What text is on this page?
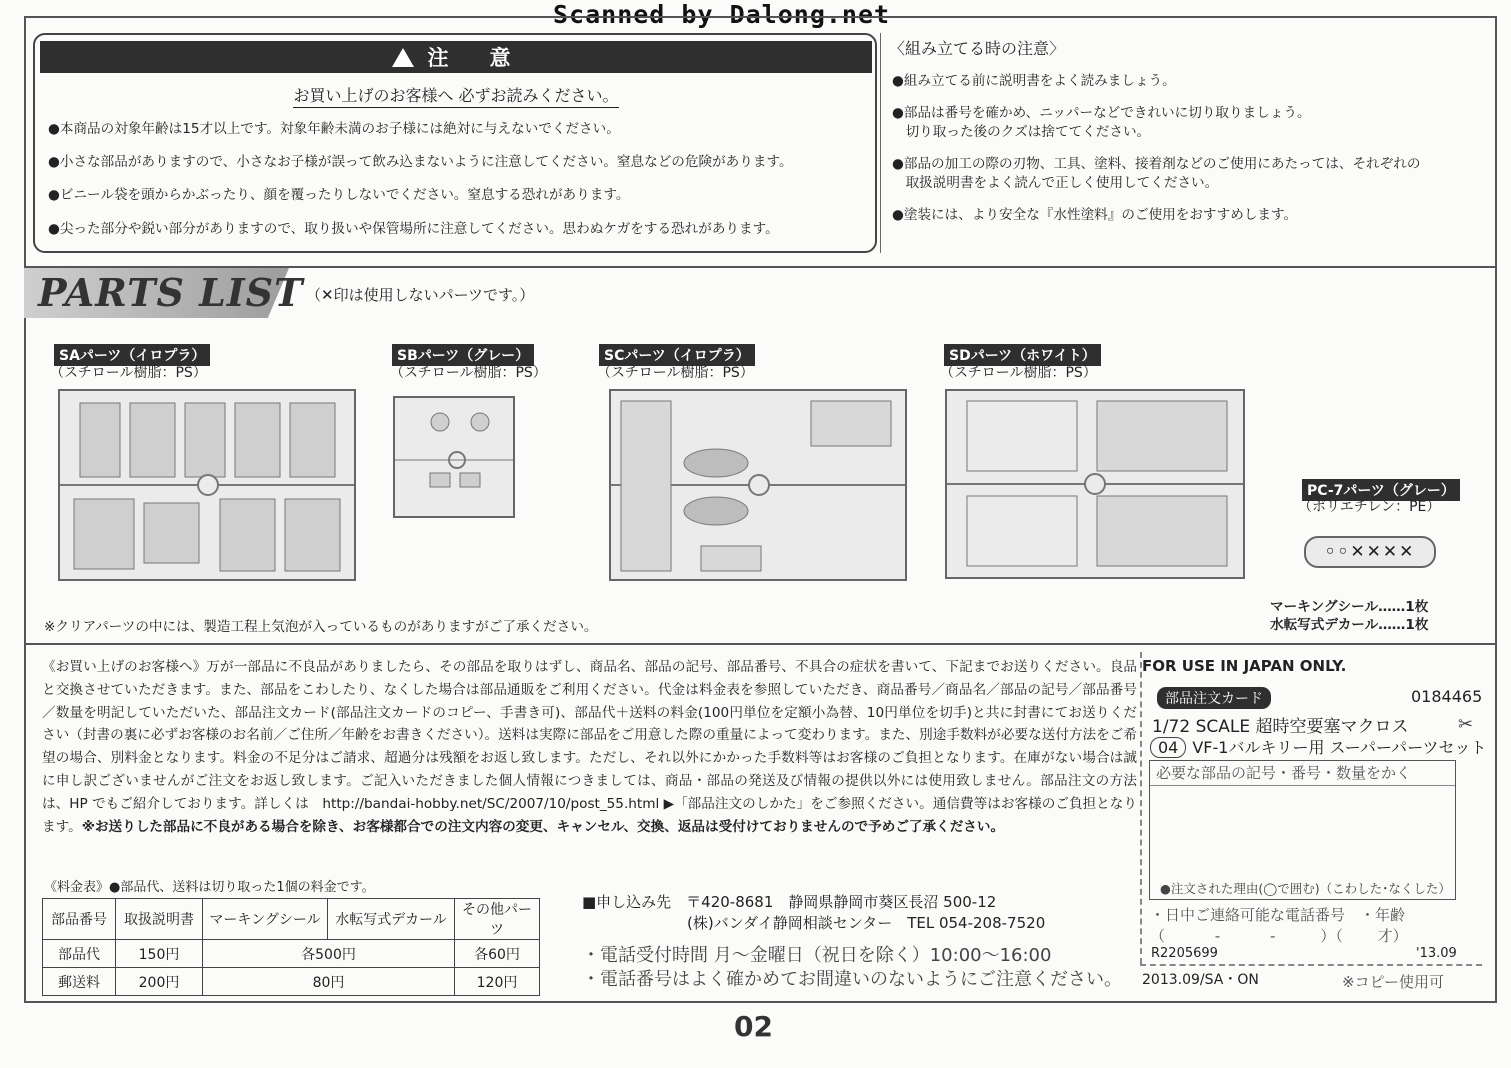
Scanned by Dalong.net
注　意
お買い上げのお客様へ 必ずお読みください。
●本商品の対象年齢は15才以上です。対象年齢未満のお子様には絶対に与えないでください。
●小さな部品がありますので、小さなお子様が誤って飲み込まないように注意してください。窒息などの危険があります。
●ビニール袋を頭からかぶったり、顔を覆ったりしないでください。窒息する恐れがあります。
●尖った部分や鋭い部分がありますので、取り扱いや保管場所に注意してください。思わぬケガをする恐れがあります。
〈組み立てる時の注意〉
●組み立てる前に説明書をよく読みましょう。
●部品は番号を確かめ、ニッパーなどできれいに切り取りましょう。
　切り取った後のクズは捨ててください。
●部品の加工の際の刃物、工具、塗料、接着剤などのご使用にあたっては、それぞれの
　取扱説明書をよく読んで正しく使用してください。
●塗装には、より安全な『水性塗料』のご使用をおすすめします。
PARTS LIST （✕印は使用しないパーツです。）
SAパーツ（イロプラ）
（スチロール樹脂：PS）
SBパーツ（グレー）
（スチロール樹脂：PS）
SCパーツ（イロプラ）
（スチロール樹脂：PS）
SDパーツ（ホワイト）
（スチロール樹脂：PS）
PC-7パーツ（グレー）
（ポリエチレン：PE）
◦◦✕✕✕✕
※クリアパーツの中には、製造工程上気泡が入っているものがありますがご了承ください。
マーキングシール……1枚
水転写式デカール……1枚
《お買い上げのお客様へ》万が一部品に不良品がありましたら、その部品を取りはずし、商品名、部品の記号、部品番号、不具合の症状を書いて、下記までお送りください。良品と交換させていただきます。また、部品をこわしたり、なくした場合は部品通販をご利用ください。代金は料金表を参照していただき、商品番号／商品名／部品の記号／部品番号／数量を明記していただいた、部品注文カード(部品注文カードのコピー、手書き可)、部品代＋送料の料金(100円単位を定額小為替、10円単位を切手)と共に封書にてお送りください（封書の裏に必ずお客様のお名前／ご住所／年齢をお書きください）。送料は実際に部品をご用意した際の重量によって変わります。また、別途手数料が必要な送付方法をご希望の場合、別料金となります。料金の不足分はご請求、超過分は残額をお返し致します。ただし、それ以外にかかった手数料等はお客様のご負担となります。在庫がない場合は誠に申し訳ございませんがご注文をお返し致します。ご記入いただきました個人情報につきましては、商品・部品の発送及び情報の提供以外には使用致しません。部品注文の方法は、HP でもご紹介しております。詳しくは　http://bandai-hobby.net/SC/2007/10/post_55.html ▶「部品注文のしかた」をご参照ください。通信費等はお客様のご負担となります。※お送りした部品に不良がある場合を除き、お客様都合での注文内容の変更、キャンセル、交換、返品は受付けておりませんので予めご了承ください。
《料金表》●部品代、送料は切り取った1個の料金です。
部品番号	取扱説明書	マーキングシール	水転写式デカール	その他パーツ
部品代	150円	各500円		各60円
郵送料	200円	80円		120円
■申し込み先　〒420-8681　静岡県静岡市葵区長沼 500-12
　　　　　　　(株)バンダイ静岡相談センター　TEL 054-208-7520
・電話受付時間 月〜金曜日（祝日を除く）10:00〜16:00
・電話番号はよく確かめてお間違いのないようにご注意ください。
FOR USE IN JAPAN ONLY.
部品注文カード	0184465
1/72 SCALE 超時空要塞マクロス	✂
04 VF-1バルキリー用 スーパーパーツセット
必要な部品の記号・番号・数量をかく
●注文された理由(◯で囲む)（こわした･なくした）
・日中ご連絡可能な電話番号　・年齢
（　　　 -　　　 -　　　）（　　 才）
R2205699	'13.09
2013.09/SA・ON	※コピー使用可
02
